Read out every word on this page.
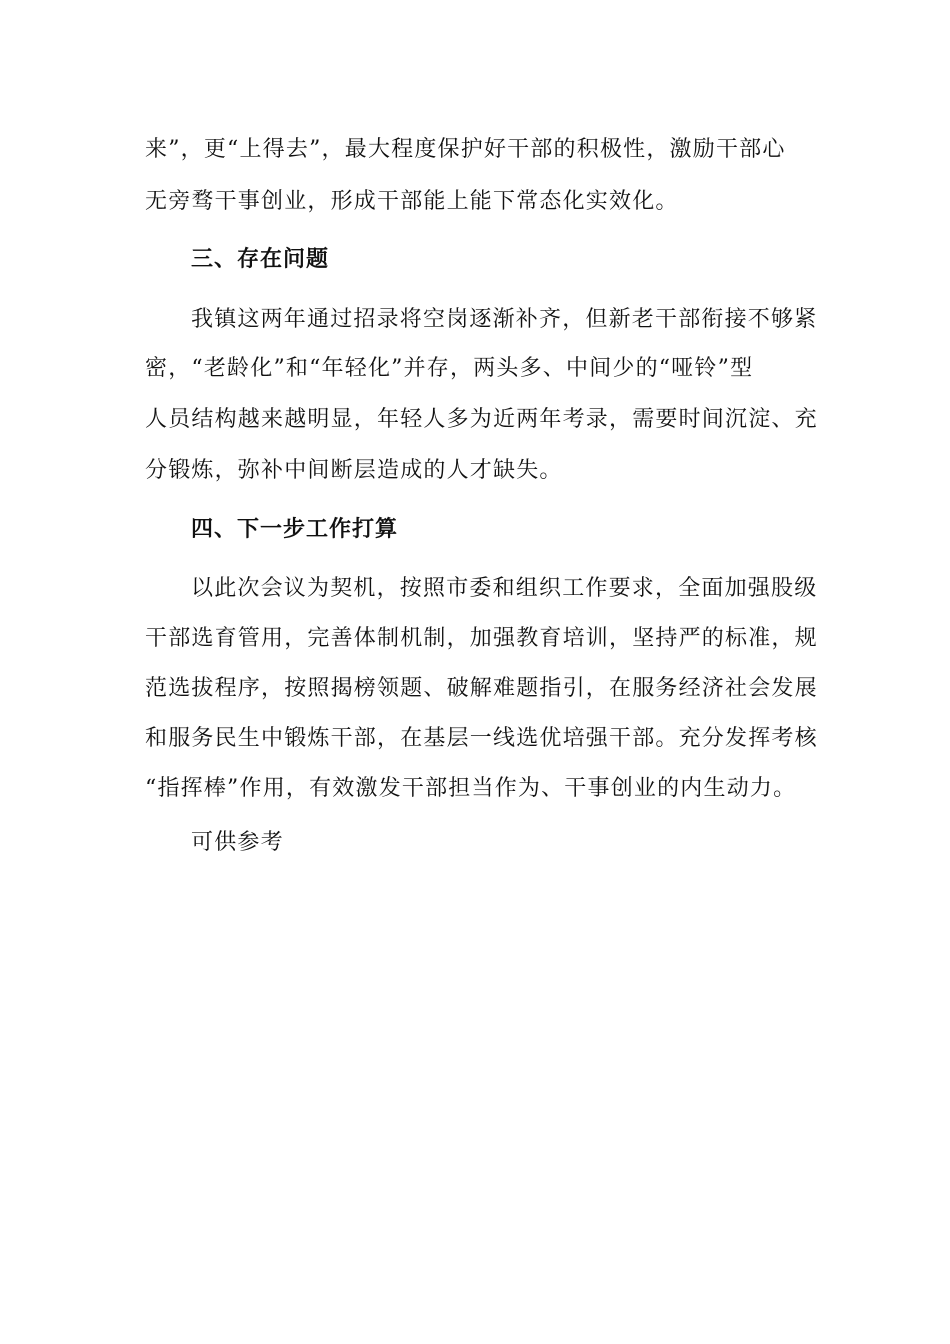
来”，更“上得去”，最大程度保护好干部的积极性，激励干部心
无旁骛干事创业，形成干部能上能下常态化实效化。
三、存在问题
我镇这两年通过招录将空岗逐渐补齐，但新老干部衔接不够紧
密，“老龄化”和“年轻化”并存，两头多、中间少的“哑铃”型
人员结构越来越明显，年轻人多为近两年考录，需要时间沉淀、充
分锻炼，弥补中间断层造成的人才缺失。
四、下一步工作打算
以此次会议为契机，按照市委和组织工作要求，全面加强股级
干部选育管用，完善体制机制，加强教育培训，坚持严的标准，规
范选拔程序，按照揭榜领题、破解难题指引，在服务经济社会发展
和服务民生中锻炼干部，在基层一线选优培强干部。充分发挥考核
“指挥棒”作用，有效激发干部担当作为、干事创业的内生动力。
可供参考
